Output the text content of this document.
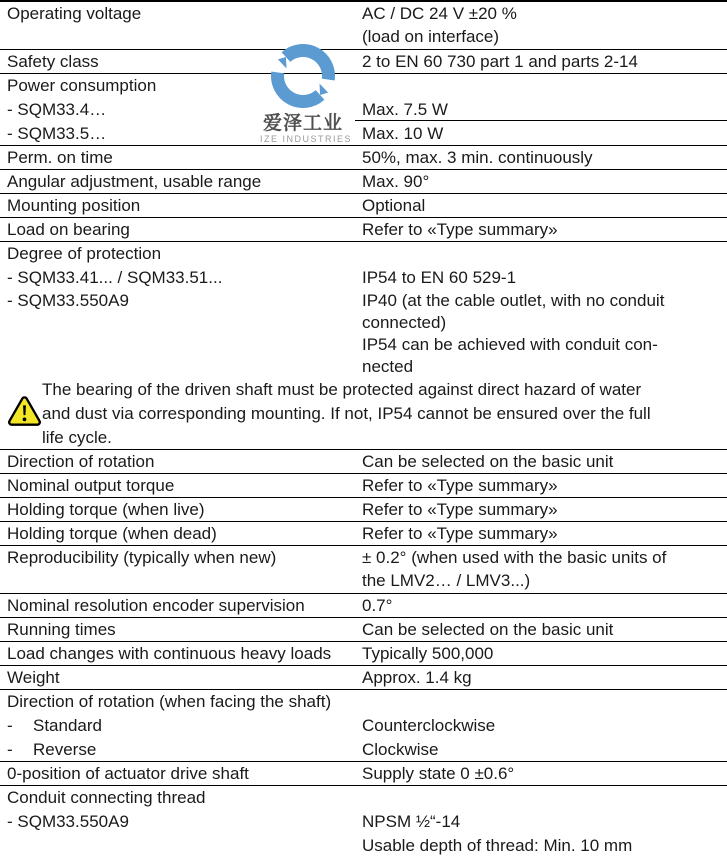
Operating voltage	AC / DC 24 V ±20 %
(load on interface)
Safety class	2 to EN 60 730 part 1 and parts 2-14
Power consumption
- SQM33.4…	Max. 7.5 W
- SQM33.5…	Max. 10 W
Perm. on time	50%, max. 3 min. continuously
Angular adjustment, usable range	Max. 90°
Mounting position	Optional
Load on bearing	Refer to «Type summary»
Degree of protection
- SQM33.41... / SQM33.51...	IP54 to EN 60 529-1
- SQM33.550A9	IP40 (at the cable outlet, with no conduit
connected)
IP54 can be achieved with conduit con-
nected
The bearing of the driven shaft must be protected against direct hazard of water
and dust via corresponding mounting. If not, IP54 cannot be ensured over the full
life cycle.
Direction of rotation	Can be selected on the basic unit
Nominal output torque	Refer to «Type summary»
Holding torque (when live)	Refer to «Type summary»
Holding torque (when dead)	Refer to «Type summary»
Reproducibility (typically when new)	± 0.2° (when used with the basic units of
the LMV2… / LMV3...)
Nominal resolution encoder supervision	0.7°
Running times	Can be selected on the basic unit
Load changes with continuous heavy loads	Typically 500,000
Weight	Approx. 1.4 kg
Direction of rotation (when facing the shaft)
- Standard	Counterclockwise
- Reverse	Clockwise
0-position of actuator drive shaft	Supply state 0 ±0.6°
Conduit connecting thread
- SQM33.550A9	NPSM ½“-14
Usable depth of thread: Min. 10 mm
爱泽工业
IZE INDUSTRIES
